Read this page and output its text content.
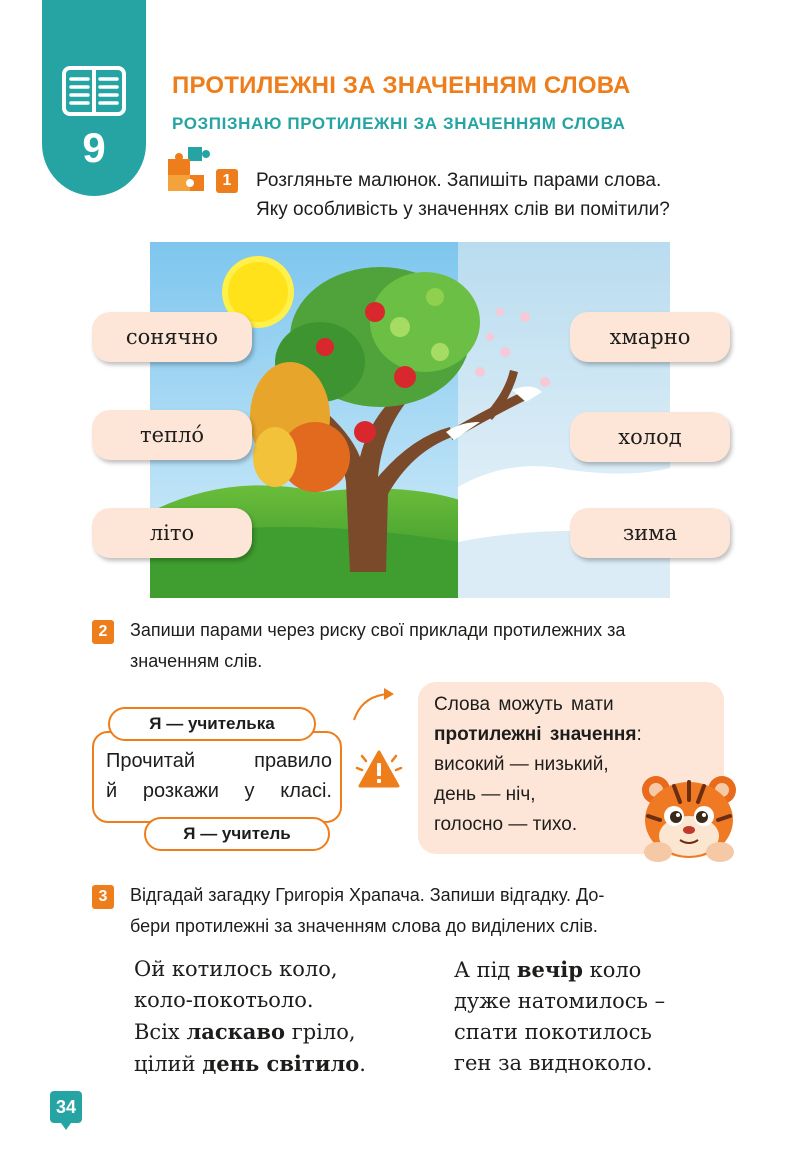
9
ПРОТИЛЕЖНІ ЗА ЗНАЧЕННЯМ СЛОВА
РОЗПІЗНАЮ ПРОТИЛЕЖНІ ЗА ЗНАЧЕННЯМ СЛОВА
1	Розгляньте малюнок. Запишіть парами слова.
Яку особливість у значеннях слів ви помітили?
сонячно
тепло́
літо
хмарно
холод
зима
2	Запиши парами через риску свої приклади протилежних за
значенням слів.
Прочитай правило
й розкажи у класі.
Я — учителька
Я — учитель
Слова можуть мати
протилежні значення:
високий — низький,
день — ніч,
голосно — тихо.
3	Відгадай загадку Григорія Храпача. Запиши відгадку. До-
бери протилежні за значенням слова до виділених слів.
Ой котилось коло,
коло-покотьоло.
Всіх лаcкаво гріло,
цілий день світило.
А під вечір коло
дуже натомилось –
спати покотилось
ген за видноколо.
34
